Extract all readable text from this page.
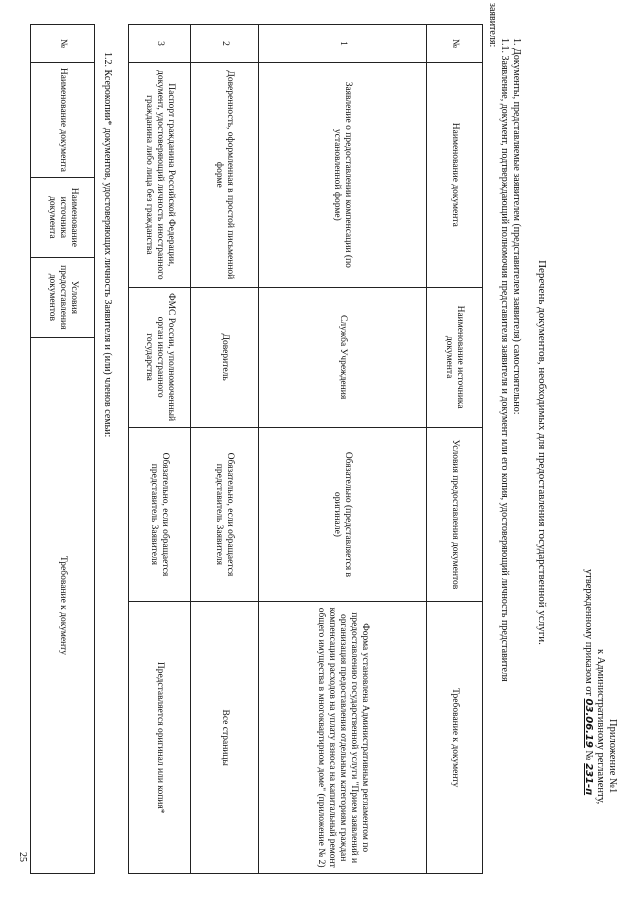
Приложение №1
к Административному регламенту,
утвержденному приказом от 03.06.19 № 231-п
Перечень документов, необходимых для предоставления государственной услуги.
1. Документы, представляемые заявителем (представителем заявителя) самостоятельно:
1.1. Заявление, документ, подтверждающий полномочия представителя заявителя и документ или его копия, удостоверяющий личность представителя
заявителя:
№	Наименование документа	Наименование источника документа	Условия предоставления документов	Требование к документу
1	Заявление о предоставлении компенсации (по установленной форме)	Служба Учреждения	Обязательно (представляется в оригинале)	Форма установлена Административным регламентом по предоставлению государственной услуги "Прием заявлений и организация предоставления отдельным категориям граждан компенсации расходов на уплату взноса на капитальный ремонт общего имущества в многоквартирном доме" (приложение № 2)
2	Доверенность, оформленная в простой письменной форме	Доверитель	Обязательно, если обращается представитель Заявителя	Все страницы
3	Паспорт гражданина Российской Федерации, документ, удостоверяющий личность иностранного гражданина либо лица без гражданства	ФМС России, уполномоченный орган иностранного государства	Обязательно, если обращается представитель Заявителя	Представляется оригинал или копия*
1.2. Ксерокопии* документов, удостоверяющих личность Заявителя и (или) членов семьи:
№	Наименование документа	Наименование источника документа	Условия предоставления документов	Требование к документу
25
